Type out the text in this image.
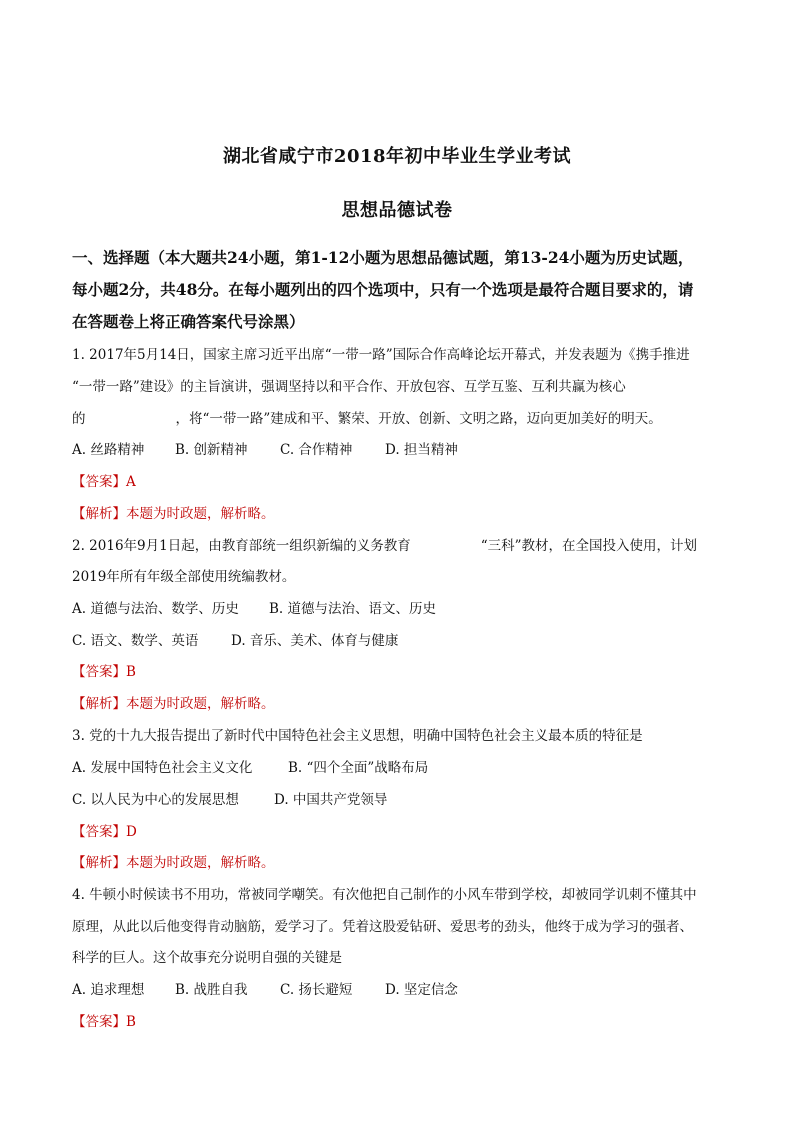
湖北省咸宁市2018年初中毕业生学业考试
思想品德试卷
一、选择题（本大题共24小题，第1-12小题为思想品德试题，第13-24小题为历史试题，
每小题2分，共48分。在每小题列出的四个选项中，只有一个选项是最符合题目要求的，请
在答题卷上将正确答案代号涂黑）
1. 2017年5月14日，国家主席习近平出席“一带一路”国际合作高峰论坛开幕式，并发表题为《携手推进
“一带一路”建设》的主旨演讲，强调坚持以和平合作、开放包容、互学互鉴、互利共赢为核心
的	，将“一带一路”建成和平、繁荣、开放、创新、文明之路，迈向更加美好的明天。
A. 丝路精神 B. 创新精神 C. 合作精神 D. 担当精神
【答案】A
【解析】本题为时政题，解析略。
2. 2016年9月1日起，由教育部统一组织新编的义务教育	“三科”教材，在全国投入使用，计划
2019年所有年级全部使用统编教材。
A. 道德与法治、数学、历史 B. 道德与法治、语文、历史
C. 语文、数学、英语 D. 音乐、美术、体育与健康
【答案】B
【解析】本题为时政题，解析略。
3. 党的十九大报告提出了新时代中国特色社会主义思想，明确中国特色社会主义最本质的特征是
A. 发展中国特色社会主义文化	B. “四个全面”战略布局
C. 以人民为中心的发展思想	D. 中国共产党领导
【答案】D
【解析】本题为时政题，解析略。
4. 牛顿小时候读书不用功，常被同学嘲笑。有次他把自己制作的小风车带到学校，却被同学讥刺不懂其中
原理，从此以后他变得肯动脑筋，爱学习了。凭着这股爱钻研、爱思考的劲头，他终于成为学习的强者、
科学的巨人。这个故事充分说明自强的关键是
A. 追求理想 B. 战胜自我 C. 扬长避短 D. 坚定信念
【答案】B
